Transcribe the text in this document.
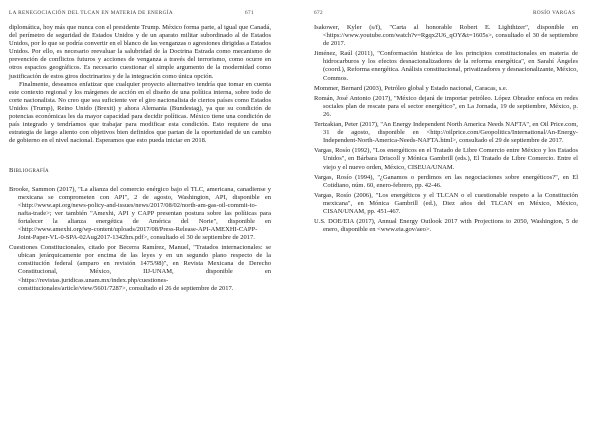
LA RENEGOCIACIÓN DEL TLCAN EN MATERIA DE ENERGÍA	671

diplomática, hoy más que nunca con el presidente Trump. México forma parte, al igual que Canadá, del perímetro de seguridad de Estados Unidos y de un aparato militar subordinado al de Estados Unidos, por lo que se podría convertir en el blanco de las venganzas o agresiones dirigidas a Estados Unidos. Por ello, es necesario reevaluar la salubridad de la Doctrina Estrada como mecanismo de prevención de conflictos futuros y acciones de venganza a través del terrorismo, como ocurre en otros espacios geográficos. Es necesario cuestionar el simple argumento de la modernidad como justificación de estos giros doctrinarios y de la integración como única opción.

Finalmente, deseamos enfatizar que cualquier proyecto alternativo tendría que tomar en cuenta este contexto regional y los márgenes de acción en el diseño de una política interna, sobre todo de corte nacionalista. No creo que sea suficiente ver el giro nacionalista de ciertos países como Estados Unidos (Trump), Reino Unido (Brexit) y ahora Alemania (Bundestag), ya que su condición de potencias económicas les da mayor capacidad para decidir políticas. México tiene una condición de país integrado y tendríamos que trabajar para modificar esta condición. Esto requiere de una estrategia de largo aliento con objetivos bien definidos que partan de la oportunidad de un cambio de gobierno en el nivel nacional. Esperamos que esto pueda iniciar en 2018.

Bibliografía

Brooke, Sammon (2017), "La alianza del comercio enérgico bajo el TLC, americana, canadiense y mexicana se comprometen con API", 2 de agosto, Washington, API, disponible en <http://www.api.org/news-policy-and-issues/news/2017/08/02/north-am-gas-oil-commit-to-nafta-trade>; ver también "Amexhi, API y CAPP presentan postura sobre las políticas para fortalecer la alianza energética de América del Norte", disponible en <http://www.amexhi.org/wp-content/uploads/2017/08/Press-Release-API-AMEXHI-CAPP-Joint-Paper-VL-0-SPA-02Aug2017-1342hrs.pdf>, consultado el 30 de septiembre de 2017.

Cuestiones Constitucionales, citado por Becerra Ramírez, Manuel, "Tratados internacionales: se ubican jerárquicamente por encima de las leyes y en un segundo plano respecto de la constitución federal (amparo en revisión 1475/98)", en Revista Mexicana de Derecho Constitucional, México, IIJ-UNAM, disponible en <https://revistas.juridicas.unam.mx/index.php/cuestiones-constitucionales/article/view/5601/7287>, consultado el 26 de septiembre de 2017.

672	ROSÍO VARGAS

Isakower, Kyler (s/f), "Carta al honorable Robert E. Lighthizer", disponible en <https://www.youtube.com/watch?v=Rgqx2U6_qOY&t=1605s>, consultado el 30 de septiembre de 2017.

Jiménez, Raúl (2011), "Conformación histórica de los principios constitucionales en materia de hidrocarburos y los efectos desnacionalizadores de la reforma energética", en Sarahí Ángeles (coord.), Reforma energética. Análisis constitucional, privatizadores y desnacionalizante, México, Commos.

Mommer, Bernard (2003), Petróleo global y Estado nacional, Caracas, s.e.

Román, José Antonio (2017), "México dejará de importar petróleo. López Obrador enfoca en redes sociales plan de rescate para el sector energético", en La Jornada, 19 de septiembre, México, p. 26.

Tertzakian, Peter (2017), "An Energy Independent North America Needs NAFTA", en Oil Price.com, 31 de agosto, disponible en <http://oilprice.com/Geopolitics/International/An-Energy-Independent-North-America-Needs-NAFTA.html>, consultado el 29 de septiembre de 2017.

Vargas, Rosío (1992), "Los energéticos en el Tratado de Libre Comercio entre México y los Estados Unidos", en Bárbara Driscoll y Mónica Gambrill (eds.), El Tratado de Libre Comercio. Entre el viejo y el nuevo orden, México, CISEUA/UNAM.

Vargas, Rosío (1994), "¿Ganamos o perdimos en las negociaciones sobre energéticos?", en El Cotidiano, núm. 60, enero-febrero, pp. 42-46.

Vargas, Rosío (2006), "Los energéticos y el TLCAN o el cuestionable respeto a la Constitución mexicana", en Mónica Gambrill (ed.), Diez años del TLCAN en México, México, CISAN/UNAM, pp. 451-467.

U.S. DOE/EIA (2017), Annual Energy Outlook 2017 with Projections to 2050, Washington, 5 de enero, disponible en <www.eia.gov/aeo>.
